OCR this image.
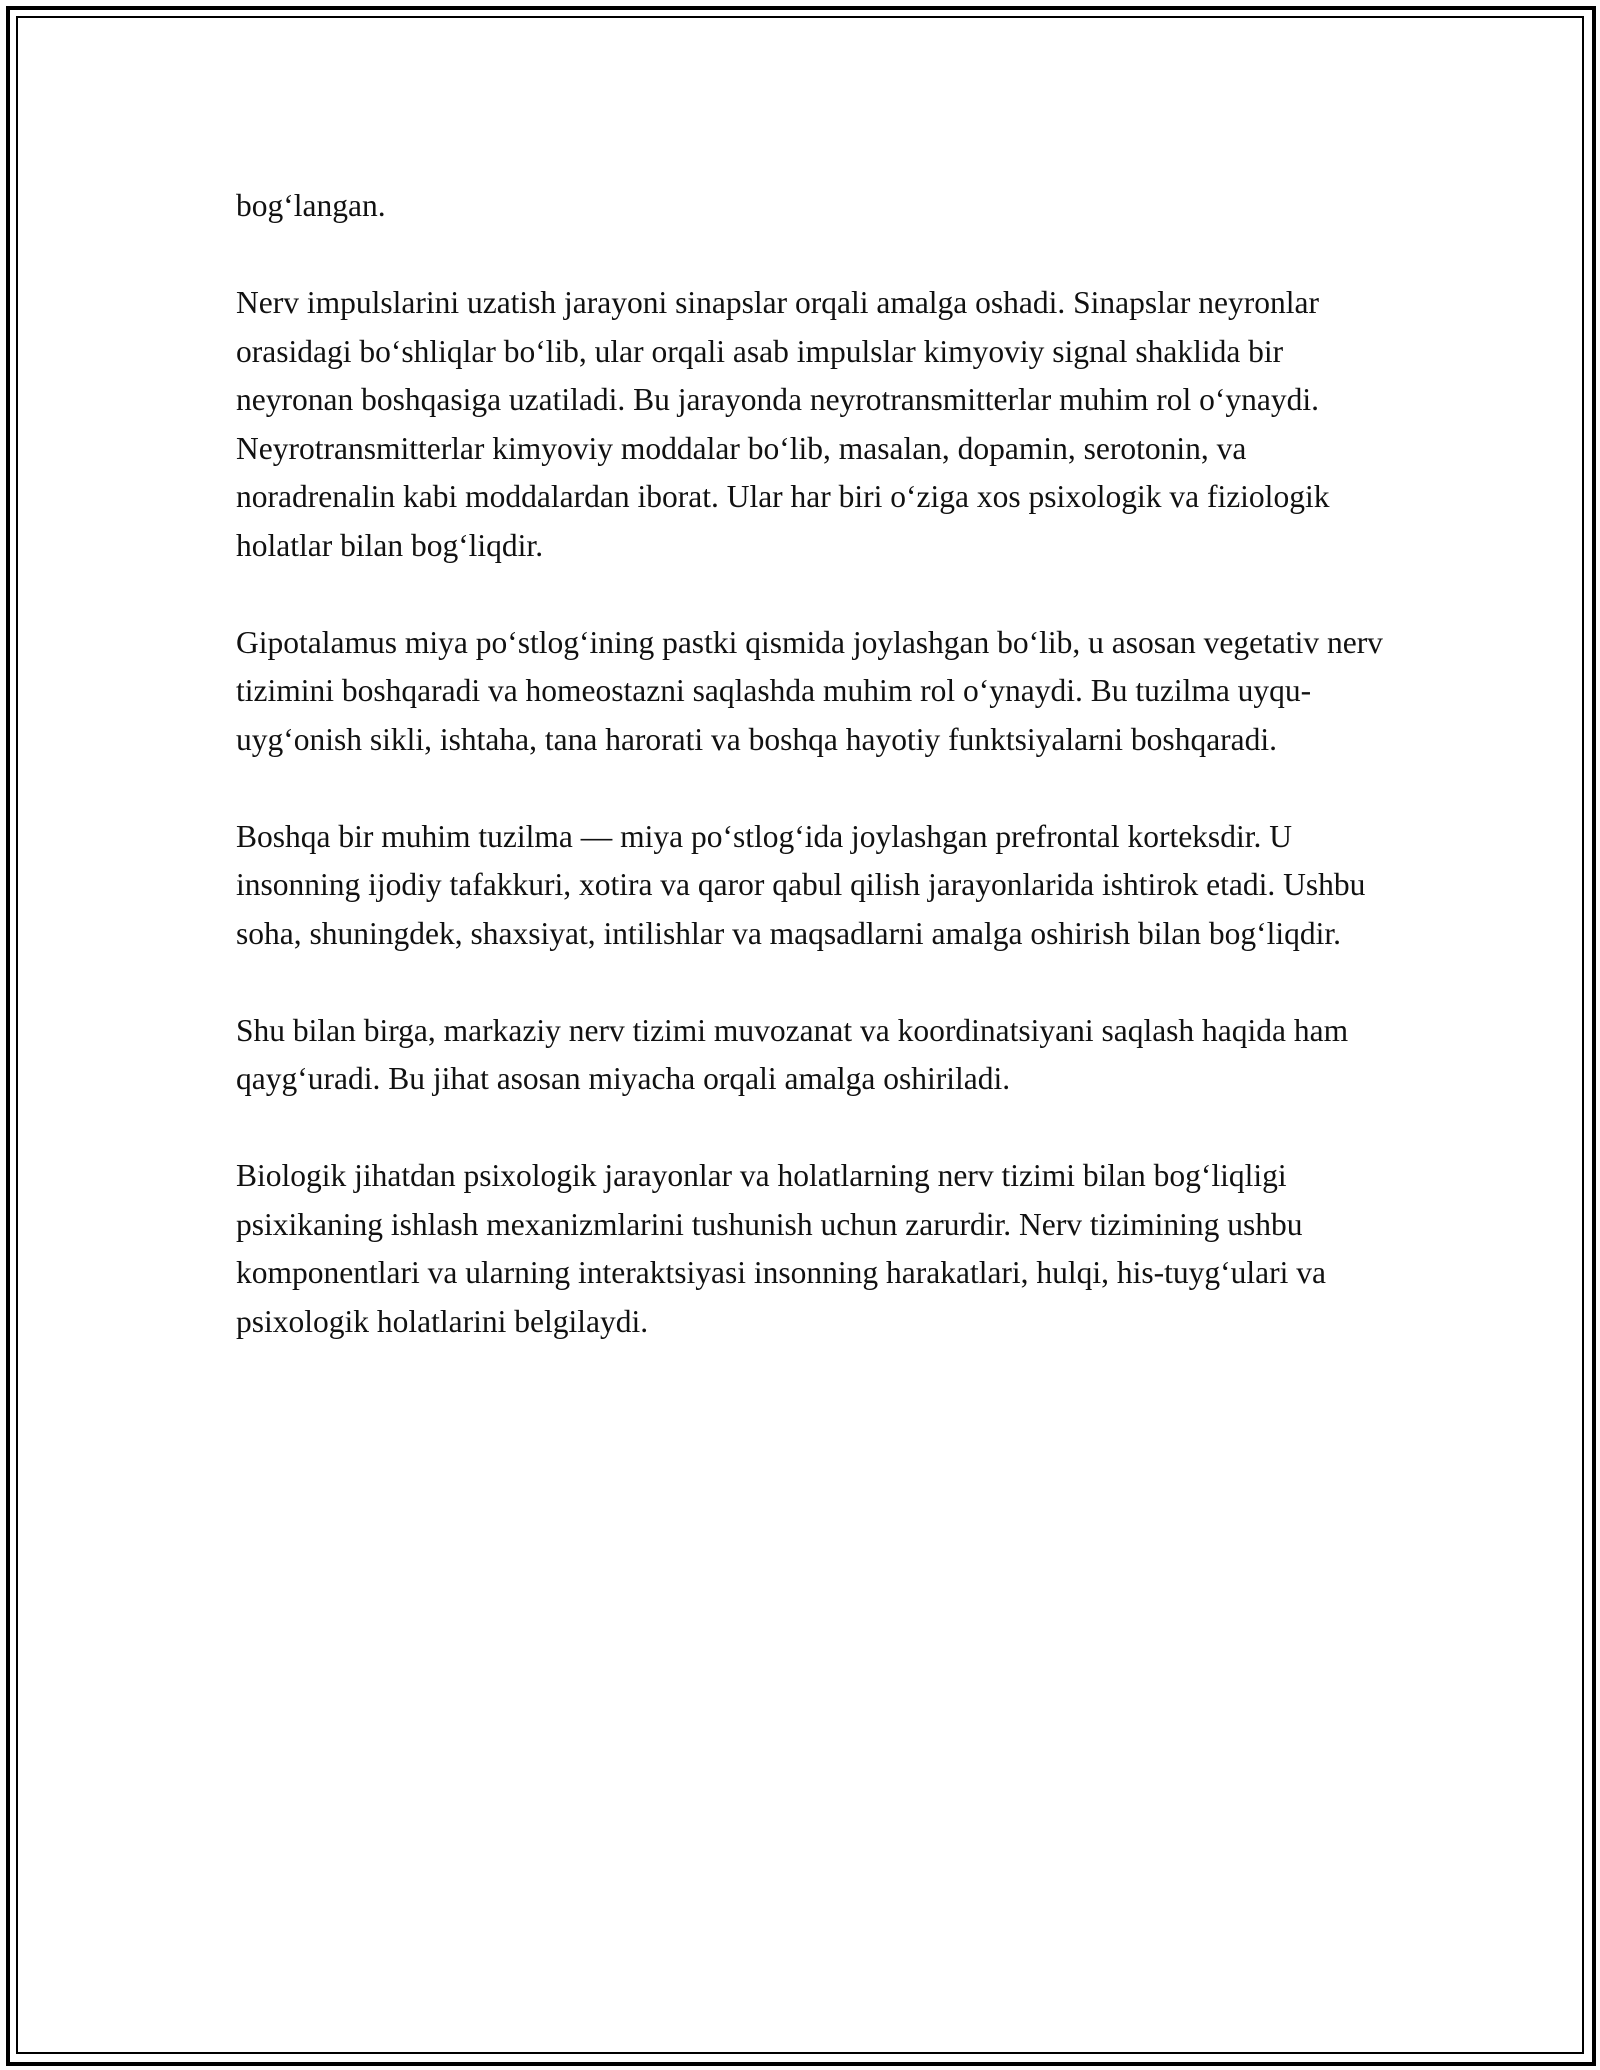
bog‘langan.

Nerv impulslarini uzatish jarayoni sinapslar orqali amalga oshadi. Sinapslar neyronlar orasidagi bo‘shliqlar bo‘lib, ular orqali asab impulslar kimyoviy signal shaklida bir neyronan boshqasiga uzatiladi. Bu jarayonda neyrotransmitterlar muhim rol o‘ynaydi. Neyrotransmitterlar kimyoviy moddalar bo‘lib, masalan, dopamin, serotonin, va noradrenalin kabi moddalardan iborat. Ular har biri o‘ziga xos psixologik va fiziologik holatlar bilan bog‘liqdir.

Gipotalamus miya po‘stlog‘ining pastki qismida joylashgan bo‘lib, u asosan vegetativ nerv tizimini boshqaradi va homeostazni saqlashda muhim rol o‘ynaydi. Bu tuzilma uyqu-uyg‘onish sikli, ishtaha, tana harorati va boshqa hayotiy funktsiyalarni boshqaradi.

Boshqa bir muhim tuzilma — miya po‘stlog‘ida joylashgan prefrontal korteksdir. U insonning ijodiy tafakkuri, xotira va qaror qabul qilish jarayonlarida ishtirok etadi. Ushbu soha, shuningdek, shaxsiyat, intilishlar va maqsadlarni amalga oshirish bilan bog‘liqdir.

Shu bilan birga, markaziy nerv tizimi muvozanat va koordinatsiyani saqlash haqida ham qayg‘uradi. Bu jihat asosan miyacha orqali amalga oshiriladi.

Biologik jihatdan psixologik jarayonlar va holatlarning nerv tizimi bilan bog‘liqligi psixikaning ishlash mexanizmlarini tushunish uchun zarurdir. Nerv tizimining ushbu komponentlari va ularning interaktsiyasi insonning harakatlari, hulqi, his-tuyg‘ulari va psixologik holatlarini belgilaydi.
